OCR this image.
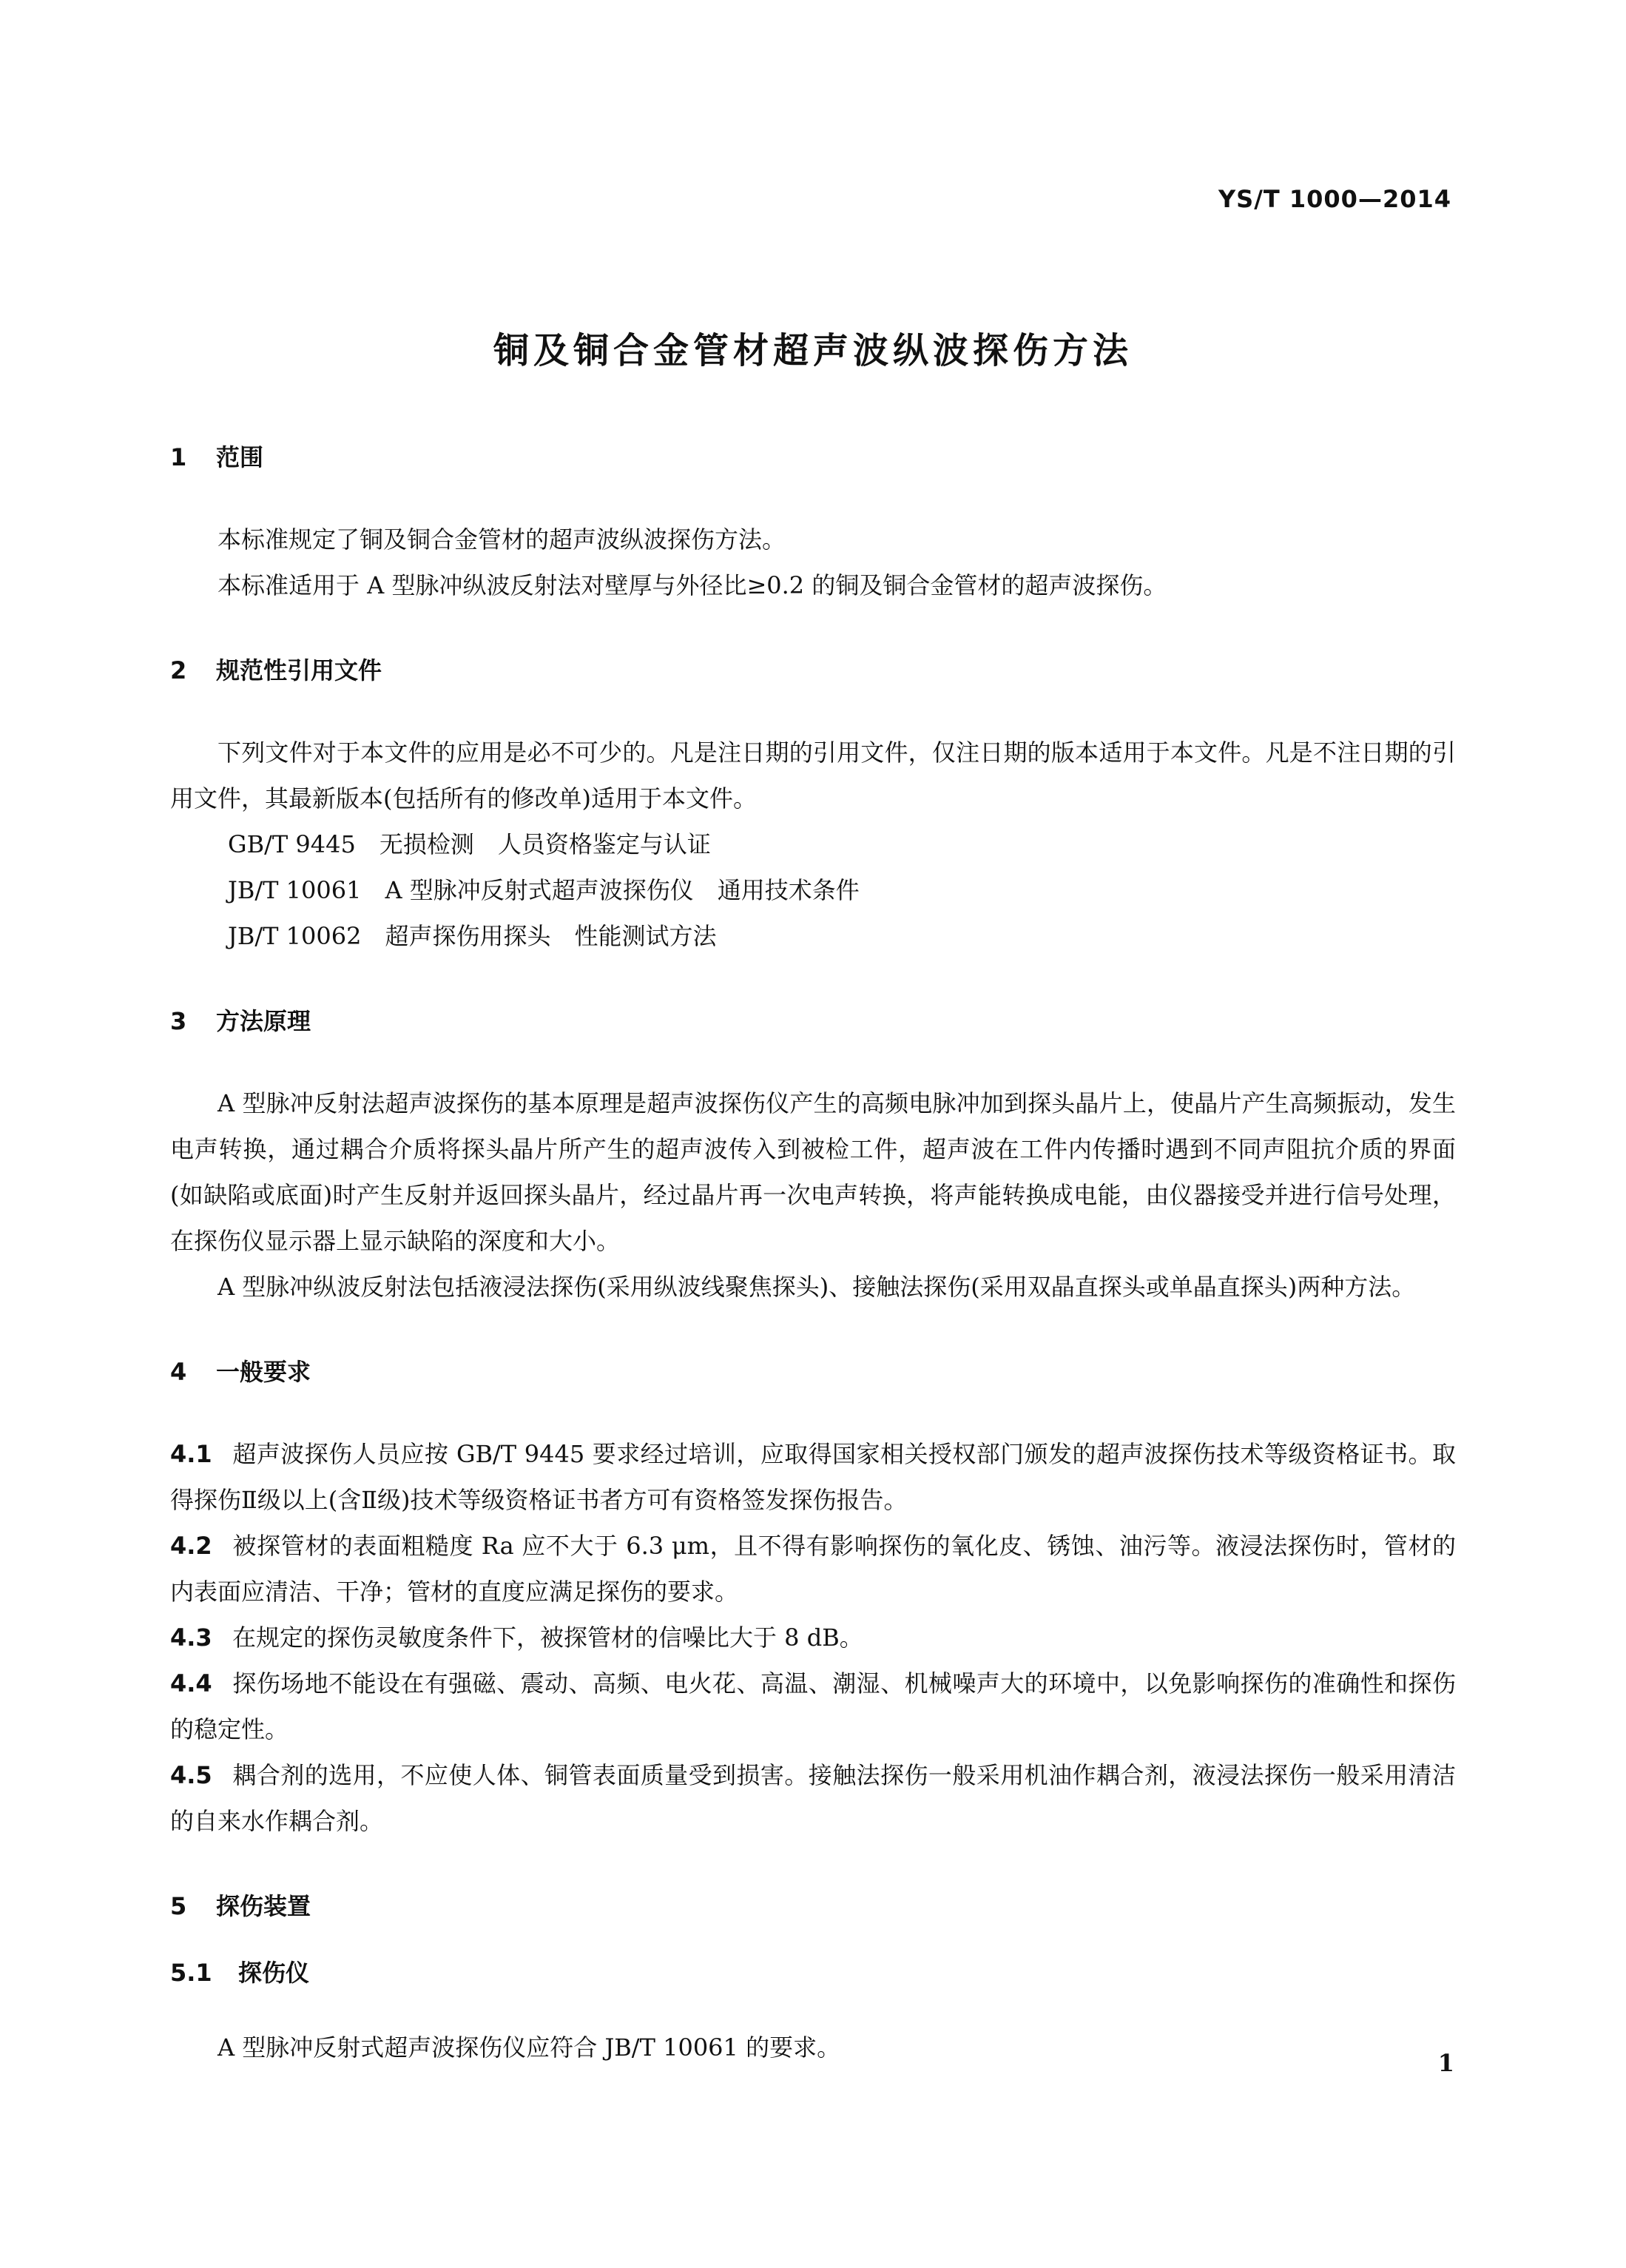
YS/T 1000—2014
铜及铜合金管材超声波纵波探伤方法
1 范围

本标准规定了铜及铜合金管材的超声波纵波探伤方法。

本标准适用于 A 型脉冲纵波反射法对壁厚与外径比≥0.2 的铜及铜合金管材的超声波探伤。

2 规范性引用文件

下列文件对于本文件的应用是必不可少的。凡是注日期的引用文件，仅注日期的版本适用于本文件。凡是不注日期的引用文件，其最新版本(包括所有的修改单)适用于本文件。

GB/T 9445　无损检测　人员资格鉴定与认证

JB/T 10061　A 型脉冲反射式超声波探伤仪　通用技术条件

JB/T 10062　超声探伤用探头　性能测试方法

3 方法原理

A 型脉冲反射法超声波探伤的基本原理是超声波探伤仪产生的高频电脉冲加到探头晶片上，使晶片产生高频振动，发生电声转换，通过耦合介质将探头晶片所产生的超声波传入到被检工件，超声波在工件内传播时遇到不同声阻抗介质的界面(如缺陷或底面)时产生反射并返回探头晶片，经过晶片再一次电声转换，将声能转换成电能，由仪器接受并进行信号处理，在探伤仪显示器上显示缺陷的深度和大小。

A 型脉冲纵波反射法包括液浸法探伤(采用纵波线聚焦探头)、接触法探伤(采用双晶直探头或单晶直探头)两种方法。

4 一般要求

4.1 超声波探伤人员应按 GB/T 9445 要求经过培训，应取得国家相关授权部门颁发的超声波探伤技术等级资格证书。取得探伤Ⅱ级以上(含Ⅱ级)技术等级资格证书者方可有资格签发探伤报告。

4.2 被探管材的表面粗糙度 Ra 应不大于 6.3 μm，且不得有影响探伤的氧化皮、锈蚀、油污等。液浸法探伤时，管材的内表面应清洁、干净；管材的直度应满足探伤的要求。

4.3 在规定的探伤灵敏度条件下，被探管材的信噪比大于 8 dB。

4.4 探伤场地不能设在有强磁、震动、高频、电火花、高温、潮湿、机械噪声大的环境中，以免影响探伤的准确性和探伤的稳定性。

4.5 耦合剂的选用，不应使人体、铜管表面质量受到损害。接触法探伤一般采用机油作耦合剂，液浸法探伤一般采用清洁的自来水作耦合剂。

5 探伤装置
5.1 探伤仪

A 型脉冲反射式超声波探伤仪应符合 JB/T 10061 的要求。

1
